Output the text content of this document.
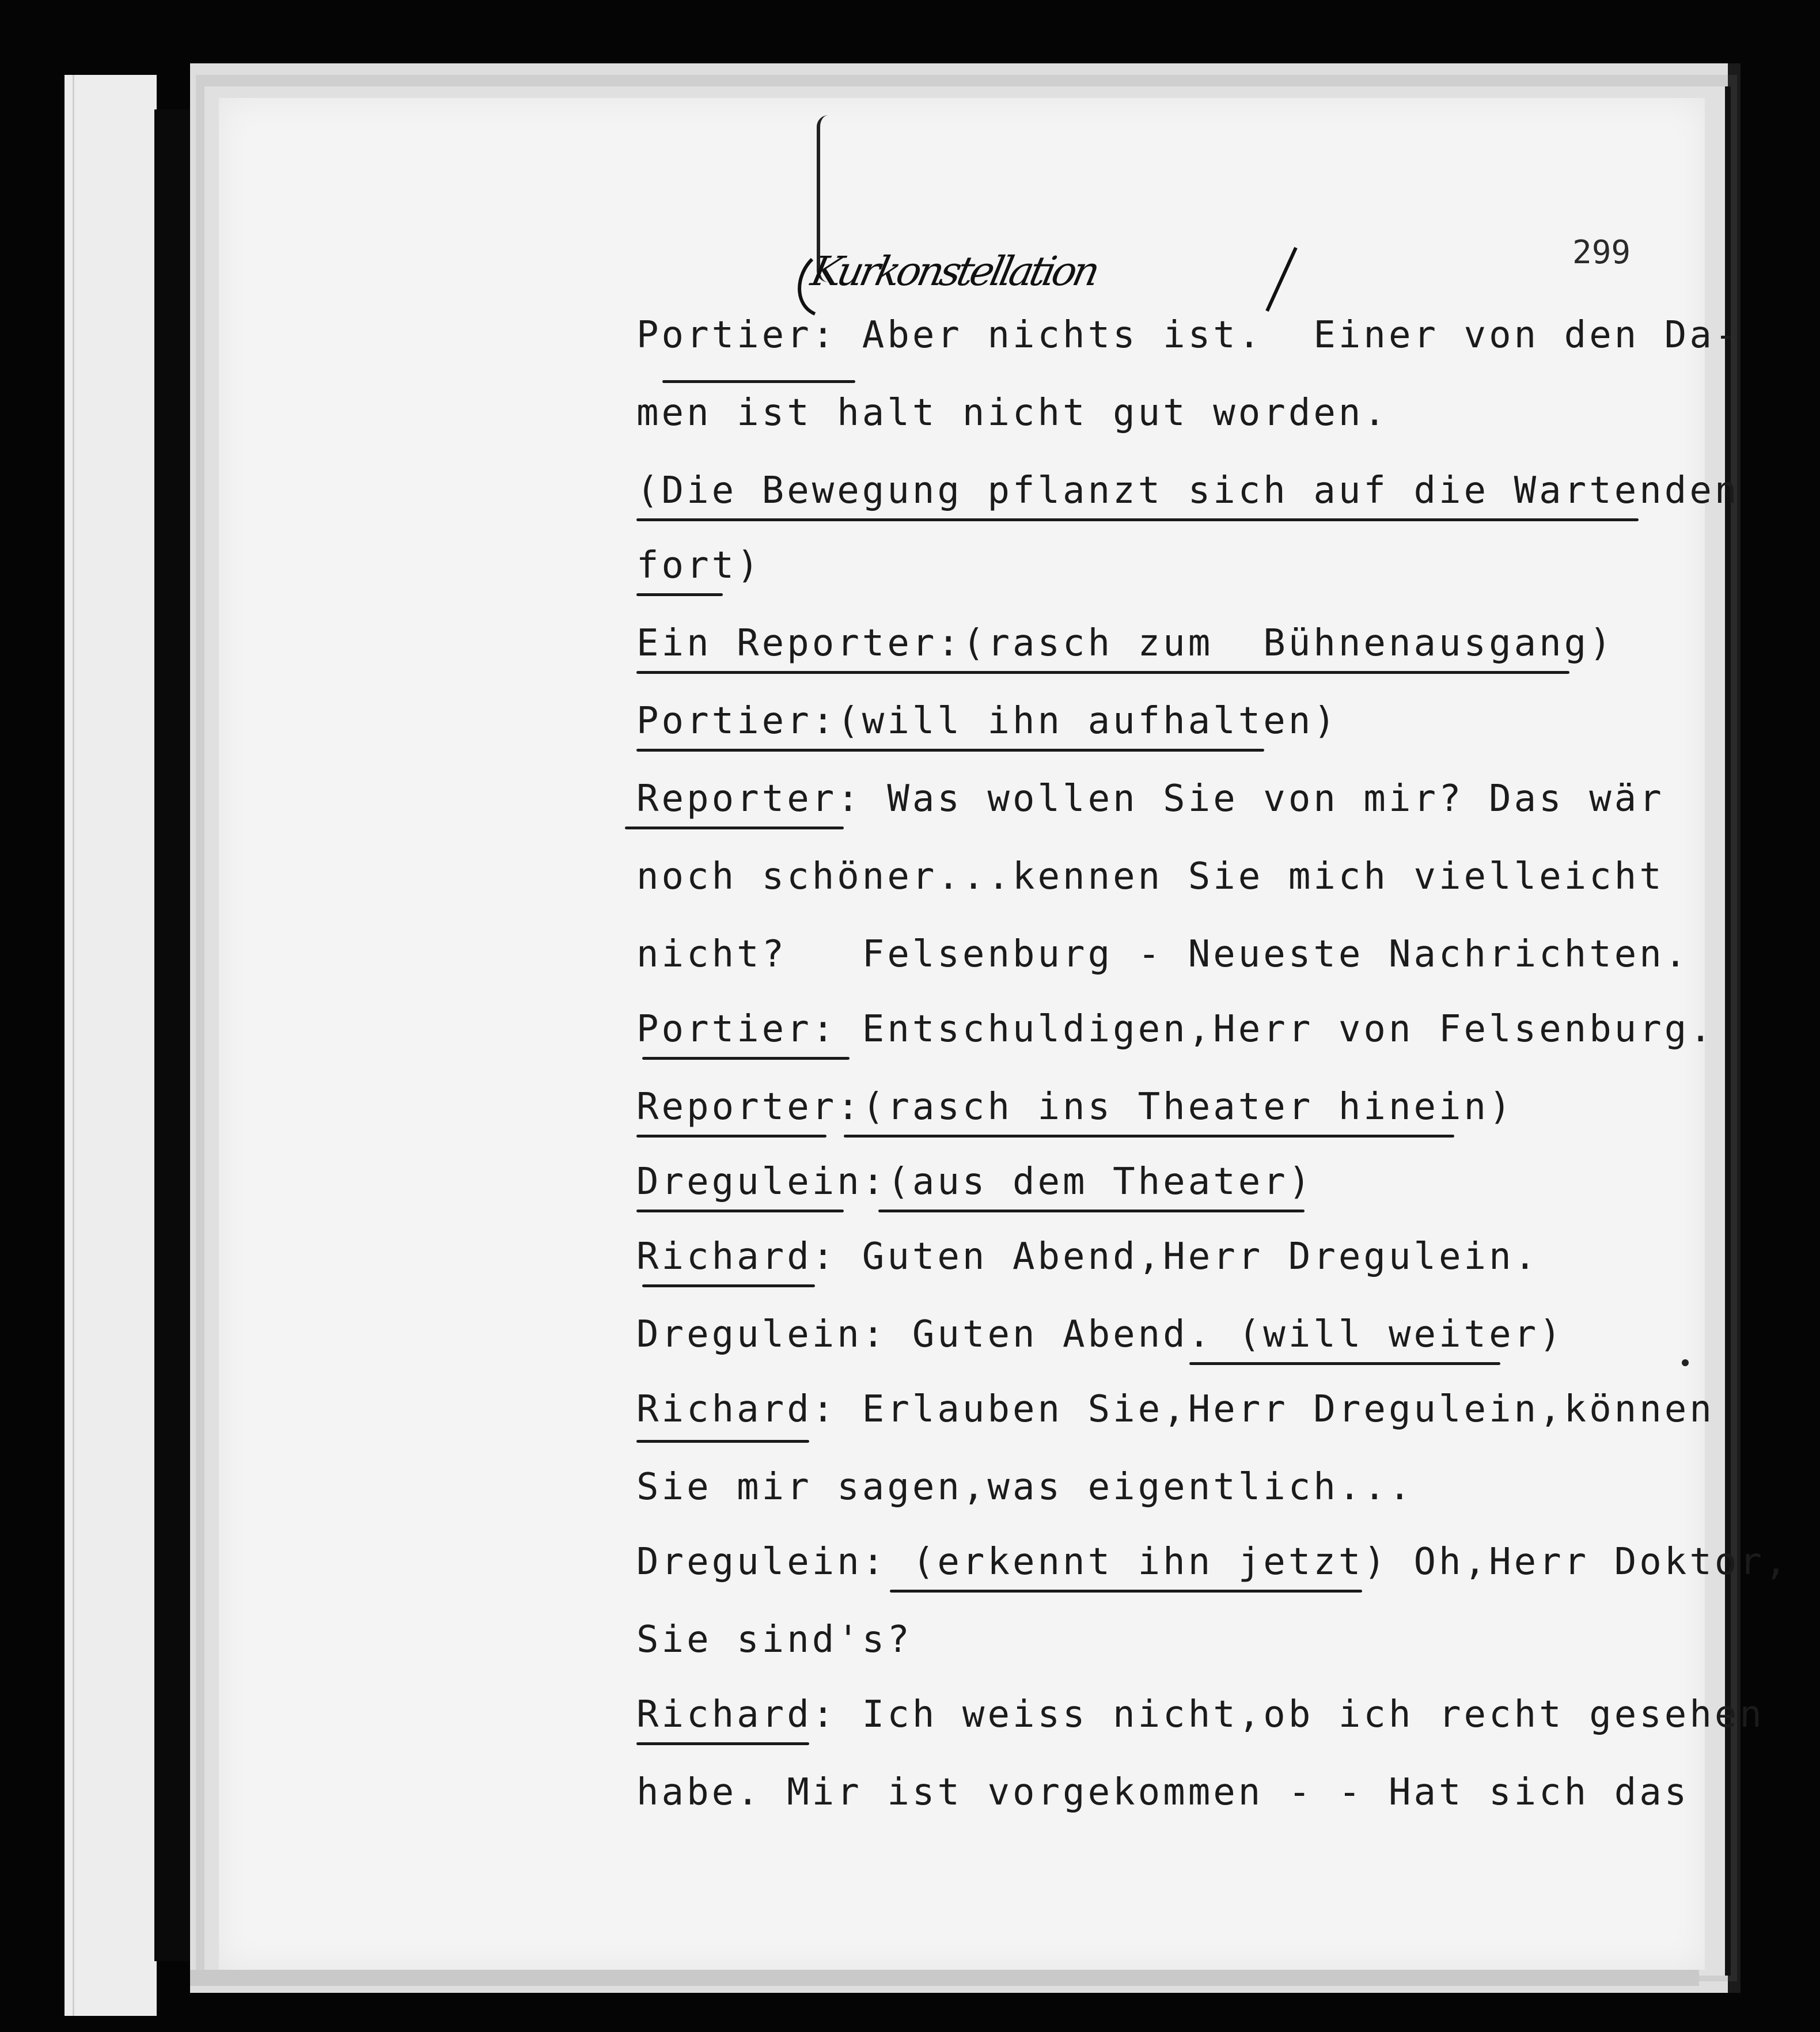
Kurkonstellation	299
Portier: Aber nichts ist.  Einer von den Da-
men ist halt nicht gut worden.
(Die Bewegung pflanzt sich auf die Wartenden
fort)
Ein Reporter:(rasch zum  Bühnenausgang)
Portier:(will ihn aufhalten)
Reporter: Was wollen Sie von mir? Das wär
noch schöner...kennen Sie mich vielleicht
nicht?   Felsenburg - Neueste Nachrichten.
Portier: Entschuldigen,Herr von Felsenburg.
Reporter:(rasch ins Theater hinein)
Dregulein:(aus dem Theater)
Richard: Guten Abend,Herr Dregulein.
Dregulein: Guten Abend. (will weiter)
Richard: Erlauben Sie,Herr Dregulein,können
Sie mir sagen,was eigentlich...
Dregulein: (erkennt ihn jetzt) Oh,Herr Doktor,
Sie sind's?
Richard: Ich weiss nicht,ob ich recht gesehen
habe. Mir ist vorgekommen - - Hat sich das
